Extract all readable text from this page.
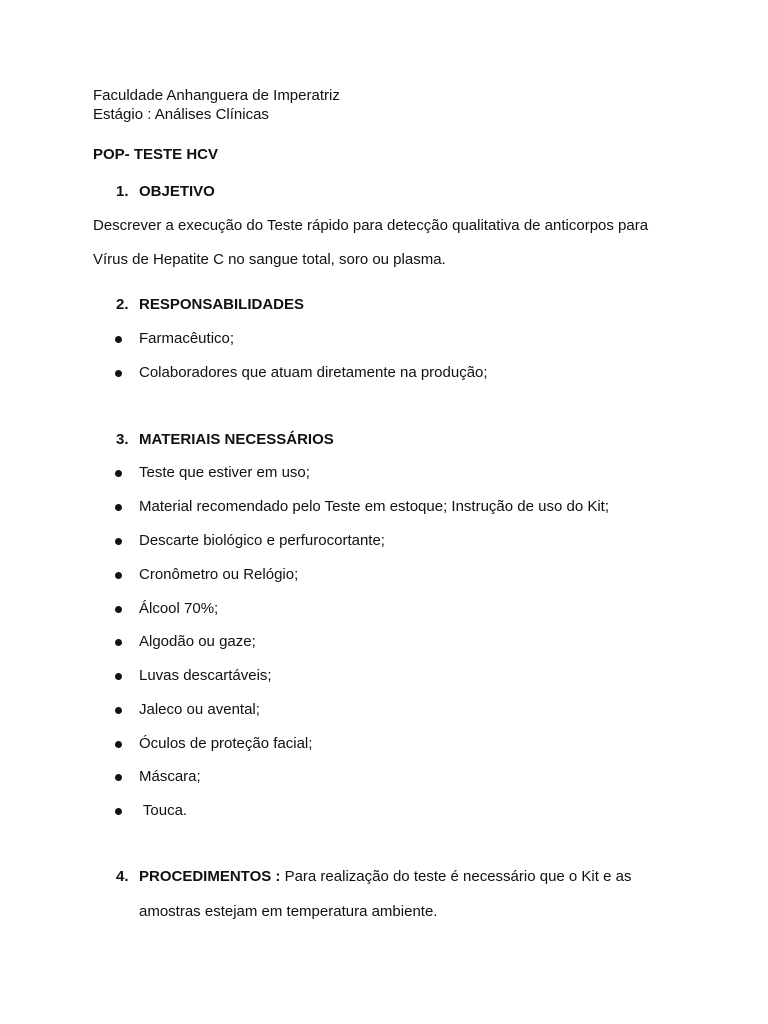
Faculdade Anhanguera de Imperatriz
Estágio : Análises Clínicas
POP- TESTE HCV
1. OBJETIVO
Descrever a execução do Teste rápido para detecção qualitativa de anticorpos para
Vírus de Hepatite C no sangue total, soro ou plasma.
2. RESPONSABILIDADES
Farmacêutico;
Colaboradores que atuam diretamente na produção;
3. MATERIAIS NECESSÁRIOS
Teste que estiver em uso;
Material recomendado pelo Teste em estoque; Instrução de uso do Kit;
Descarte biológico e perfurocortante;
Cronômetro ou Relógio;
Álcool 70%;
Algodão ou gaze;
Luvas descartáveis;
Jaleco ou avental;
Óculos de proteção facial;
Máscara;
Touca.
4. PROCEDIMENTOS : Para realização do teste é necessário que o Kit e as
amostras estejam em temperatura ambiente.
